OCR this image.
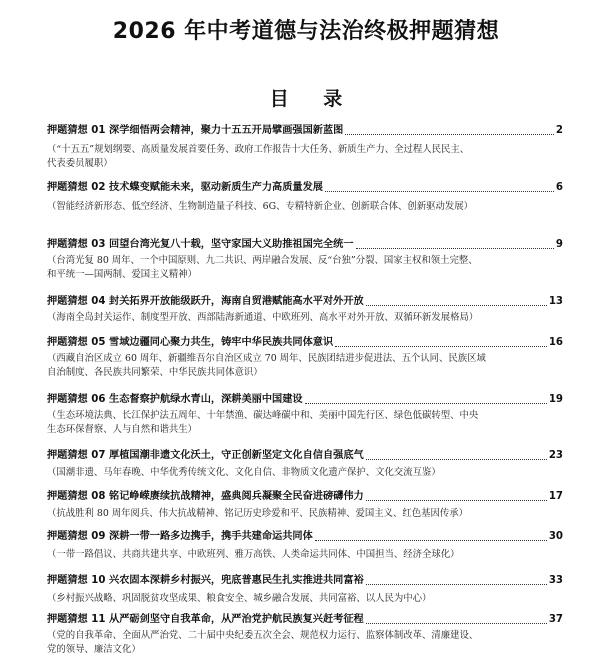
2026 年中考道德与法治终极押题猜想
目 录
押题猜想 01 深学细悟两会精神，聚力十五五开局擘画强国新蓝图	2
（“十五五”规划纲要、高质量发展首要任务、政府工作报告十大任务、新质生产力、全过程人民民主、
代表委员履职）
押题猜想 02 技术蝶变赋能未来，驱动新质生产力高质量发展	6
（智能经济新形态、低空经济、生物制造量子科技、6G、专精特新企业、创新联合体、创新驱动发展）
押题猜想 03 回望台湾光复八十载，坚守家国大义助推祖国完全统一	9
（台湾光复 80 周年、一个中国原则、九二共识、两岸融合发展、反“台独”分裂、国家主权和领土完整、
和平统一—国两制、爱国主义精神）
押题猜想 04 封关拓界开放能级跃升，海南自贸港赋能高水平对外开放	13
（海南全岛封关运作、制度型开放、西部陆海新通道、中欧班列、高水平对外开放、双循环新发展格局）
押题猜想 05 雪域边疆同心聚力共生，铸牢中华民族共同体意识	16
（西藏自治区成立 60 周年、新疆维吾尔自治区成立 70 周年、民族团结进步促进法、五个认同、民族区域
自治制度、各民族共同繁荣、中华民族共同体意识）
押题猜想 06 生态督察护航绿水青山，深耕美丽中国建设	19
（生态环境法典、长江保护法五周年、十年禁渔、碳达峰碳中和、美丽中国先行区、绿色低碳转型、中央
生态环保督察、人与自然和谐共生）
押题猜想 07 厚植国潮非遗文化沃土，守正创新坚定文化自信自强底气	23
（国潮非遗、马年春晚、中华优秀传统文化、文化自信、非物质文化遗产保护、文化交流互鉴）
押题猜想 08 铭记峥嵘赓续抗战精神，盛典阅兵凝聚全民奋进磅礴伟力	17
（抗战胜利 80 周年阅兵、伟大抗战精神、铭记历史珍爱和平、民族精神、爱国主义、红色基因传承）
押题猜想 09 深耕一带一路多边携手，携手共建命运共同体	30
（一带一路倡议、共商共建共享、中欧班列、雅万高铁、人类命运共同体、中国担当、经济全球化）
押题猜想 10 兴农固本深耕乡村振兴，兜底普惠民生扎实推进共同富裕	33
（乡村振兴战略、巩固脱贫攻坚成果、粮食安全、城乡融合发展、共同富裕、以人民为中心）
押题猜想 11 从严砺剑坚守自我革命，从严治党护航民族复兴赶考征程	37
（党的自我革命、全面从严治党、二十届中央纪委五次全会、规范权力运行、监察体制改革、清廉建设、
党的领导、廉洁文化）
